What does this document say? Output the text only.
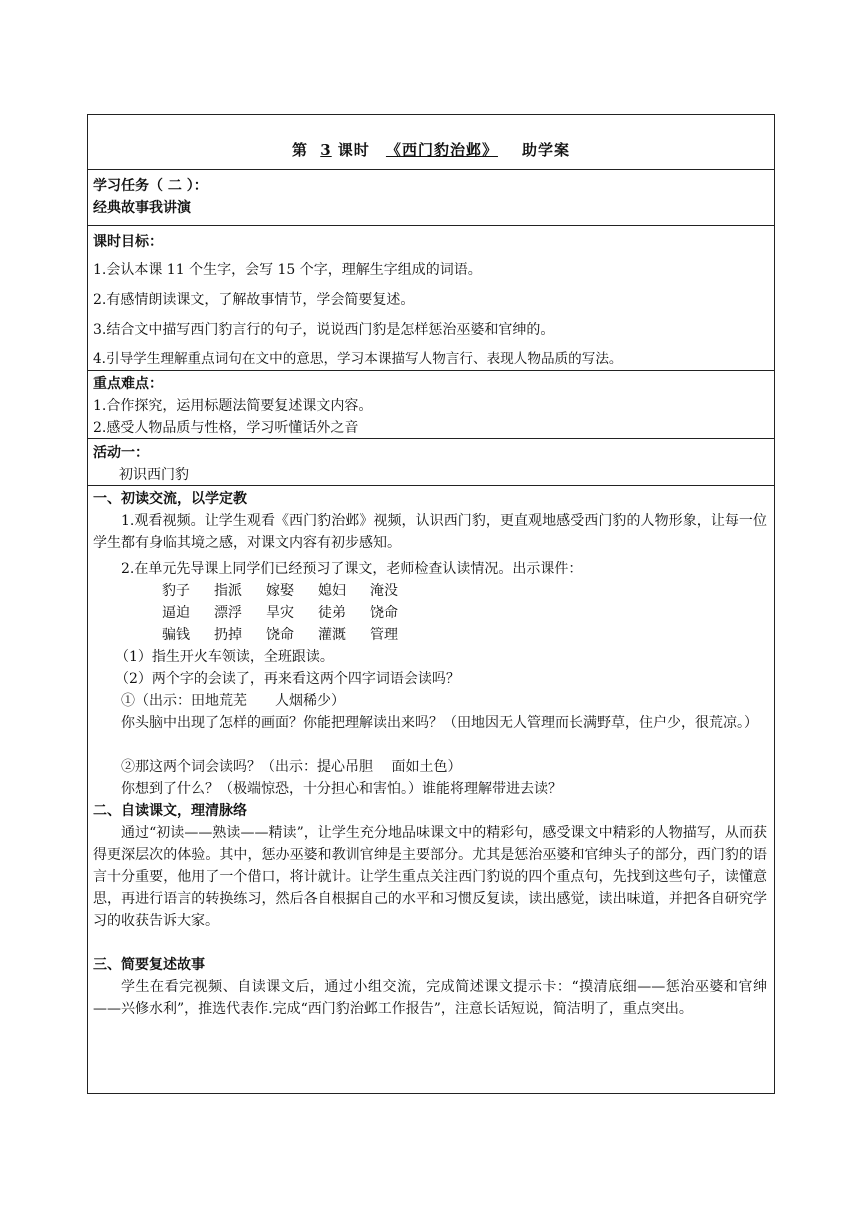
第 3 课时 《西门豹治邺》 助学案
学习任务（ 二 ）：
经典故事我讲演
课时目标：
1.会认本课 11 个生字，会写 15 个字，理解生字组成的词语。
2.有感情朗读课文，了解故事情节，学会简要复述。
3.结合文中描写西门豹言行的句子，说说西门豹是怎样惩治巫婆和官绅的。
4.引导学生理解重点词句在文中的意思，学习本课描写人物言行、表现人物品质的写法。
重点难点：
1.合作探究，运用标题法简要复述课文内容。
2.感受人物品质与性格，学习听懂话外之音
活动一：
初识西门豹
一、初读交流，以学定教
1.观看视频。让学生观看《西门豹治邺》视频，认识西门豹，更直观地感受西门豹的人物形象，让每一位学生都有身临其境之感，对课文内容有初步感知。
2.在单元先导课上同学们已经预习了课文，老师检查认读情况。出示课件：
豹子 指派 嫁娶 媳妇 淹没
逼迫 漂浮 旱灾 徒弟 饶命
骗钱 扔掉 饶命 灌溉 管理
（1）指生开火车领读，全班跟读。
（2）两个字的会读了，再来看这两个四字词语会读吗？
①（出示：田地荒芜　　人烟稀少）
你头脑中出现了怎样的画面？你能把理解读出来吗？（田地因无人管理而长满野草，住户少，很荒凉。）
②那这两个词会读吗？（出示：提心吊胆　 面如土色）
你想到了什么？（极端惊恐，十分担心和害怕。）谁能将理解带进去读？
二、自读课文，理清脉络
通过“初读——熟读——精读”，让学生充分地品味课文中的精彩句，感受课文中精彩的人物描写，从而获得更深层次的体验。其中，惩办巫婆和教训官绅是主要部分。尤其是惩治巫婆和官绅头子的部分，西门豹的语言十分重要，他用了一个借口，将计就计。让学生重点关注西门豹说的四个重点句，先找到这些句子，读懂意思，再进行语言的转换练习，然后各自根据自己的水平和习惯反复读，读出感觉，读出味道，并把各自研究学习的收获告诉大家。
三、简要复述故事
学生在看完视频、自读课文后，通过小组交流，完成简述课文提示卡：“摸清底细——惩治巫婆和官绅——兴修水利”，推选代表作.完成“西门豹治邺工作报告”，注意长话短说，简洁明了，重点突出。
